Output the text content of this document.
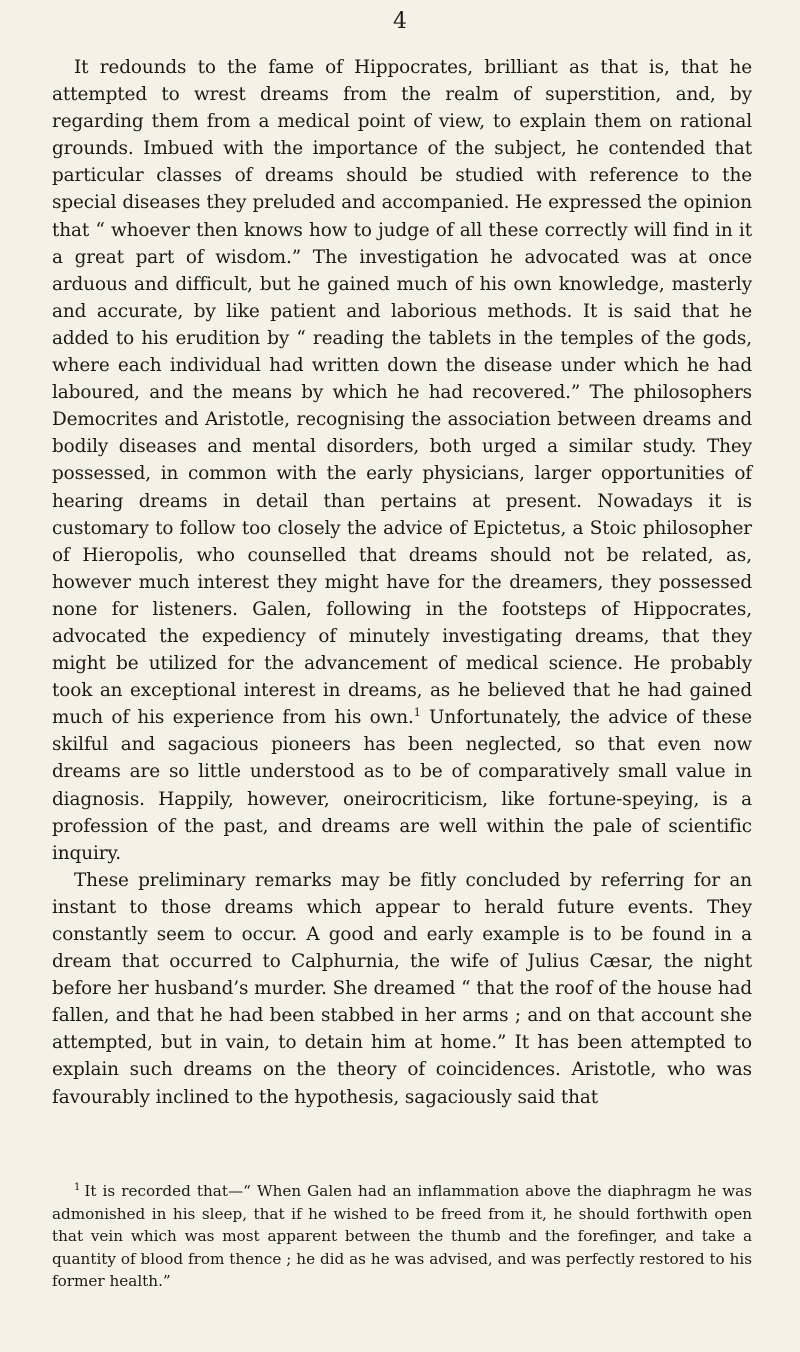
4

It redounds to the fame of Hippocrates, brilliant as that is, that he attempted to wrest dreams from the realm of superstition, and, by regarding them from a medical point of view, to explain them on rational grounds. Imbued with the importance of the subject, he contended that particular classes of dreams should be studied with reference to the special diseases they preluded and accompanied. He expressed the opinion that “ whoever then knows how to judge of all these correctly will find in it a great part of wisdom.” The investigation he advocated was at once arduous and difficult, but he gained much of his own knowledge, masterly and accurate, by like patient and laborious methods. It is said that he added to his erudition by “ reading the tablets in the temples of the gods, where each individual had written down the disease under which he had laboured, and the means by which he had recovered.” The philosophers Democrites and Aristotle, recognising the association between dreams and bodily diseases and mental disorders, both urged a similar study. They possessed, in common with the early physicians, larger opportunities of hearing dreams in detail than pertains at present. Nowadays it is customary to follow too closely the advice of Epictetus, a Stoic philosopher of Hieropolis, who counselled that dreams should not be related, as, however much interest they might have for the dreamers, they possessed none for listeners. Galen, following in the footsteps of Hippocrates, advocated the expediency of minutely investigating dreams, that they might be utilized for the advancement of medical science. He probably took an exceptional interest in dreams, as he believed that he had gained much of his experience from his own.$^1$ Unfortunately, the advice of these skilful and sagacious pioneers has been neglected, so that even now dreams are so little understood as to be of comparatively small value in diagnosis. Happily, however, oneirocriticism, like fortune-speying, is a profession of the past, and dreams are well within the pale of scientific inquiry.

These preliminary remarks may be fitly concluded by referring for an instant to those dreams which appear to herald future events. They constantly seem to occur. A good and early example is to be found in a dream that occurred to Calphurnia, the wife of Julius Cæsar, the night before her husband’s murder. She dreamed “ that the roof of the house had fallen, and that he had been stabbed in her arms ; and on that account she attempted, but in vain, to detain him at home.” It has been attempted to explain such dreams on the theory of coincidences. Aristotle, who was favourably inclined to the hypothesis, sagaciously said that

$^1$ It is recorded that—“ When Galen had an inflammation above the diaphragm he was admonished in his sleep, that if he wished to be freed from it, he should forthwith open that vein which was most apparent between the thumb and the forefinger, and take a quantity of blood from thence ; he did as he was advised, and was perfectly restored to his former health.”
